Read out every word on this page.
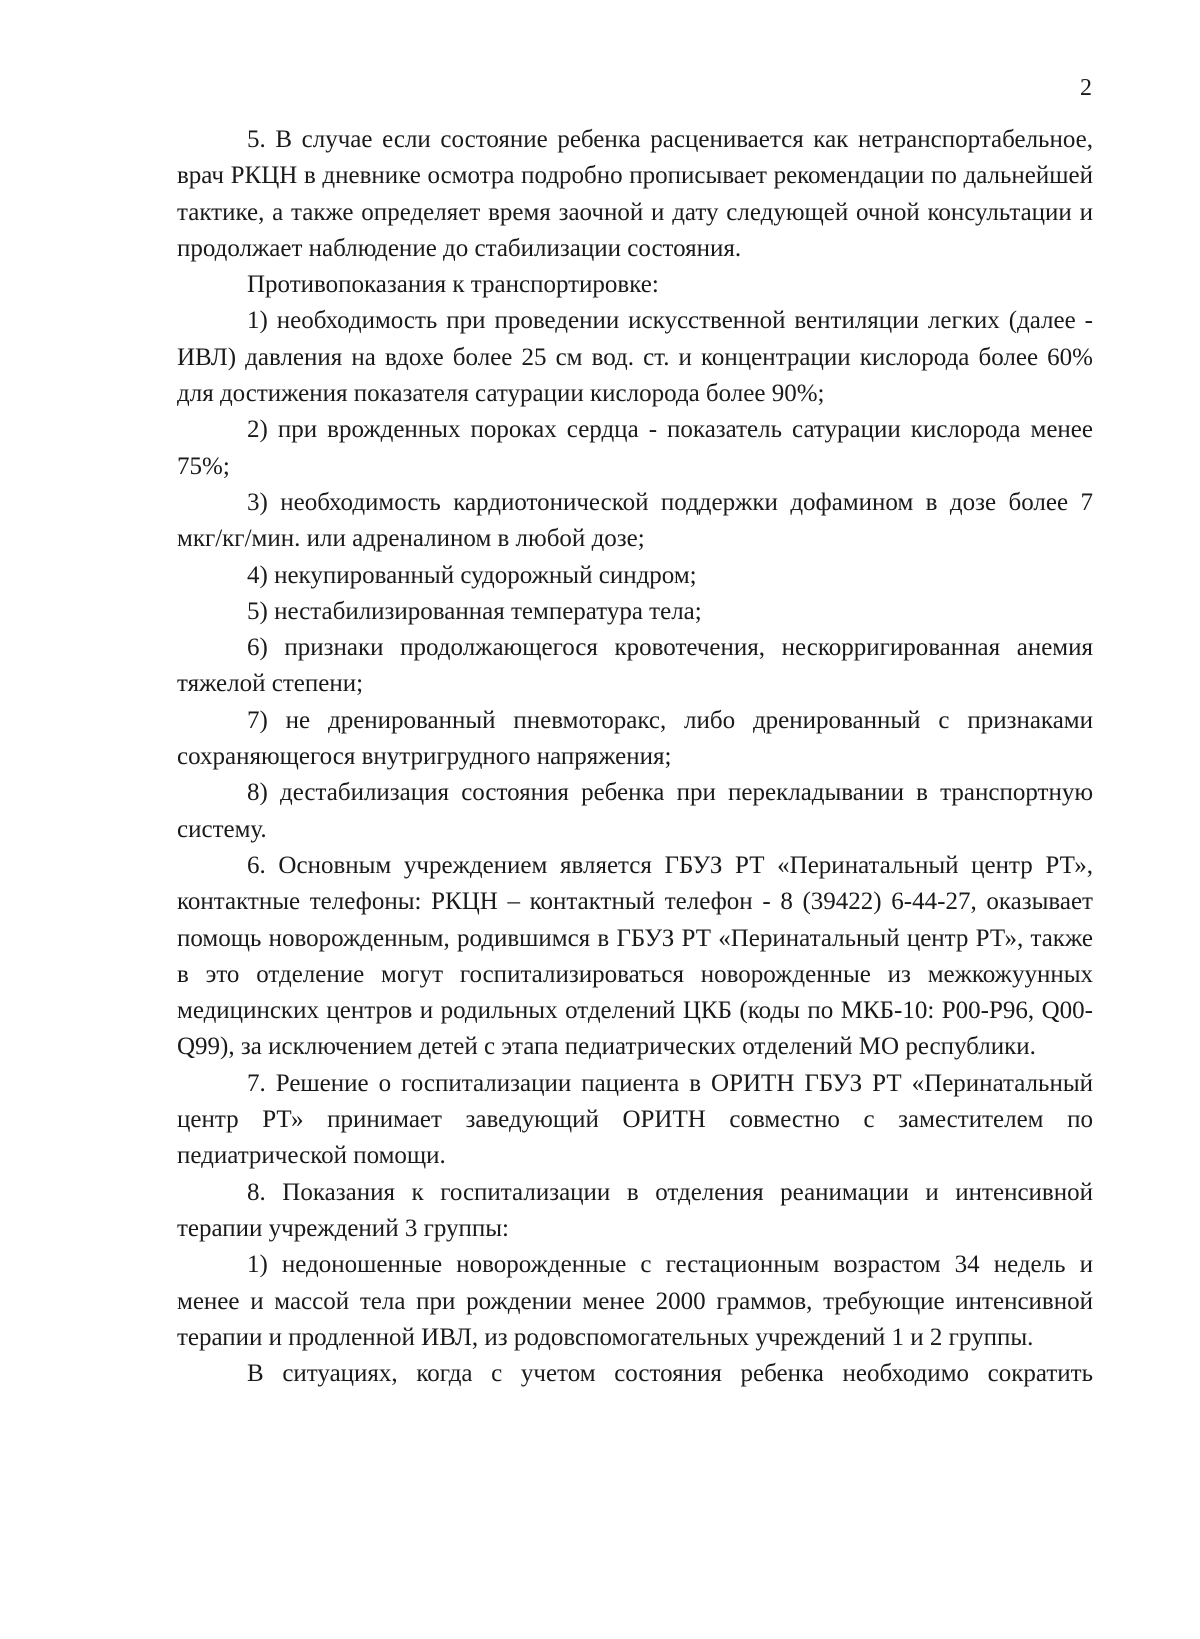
2

5. В случае если состояние ребенка расценивается как нетранспортабельное, врач РКЦН в дневнике осмотра подробно прописывает рекомендации по дальнейшей тактике, а также определяет время заочной и дату следующей очной консультации и продолжает наблюдение до стабилизации состояния.

Противопоказания к транспортировке:

1) необходимость при проведении искусственной вентиляции легких (далее - ИВЛ) давления на вдохе более 25 см вод. ст. и концентрации кислорода более 60% для достижения показателя сатурации кислорода более 90%;

2) при врожденных пороках сердца - показатель сатурации кислорода менее 75%;

3) необходимость кардиотонической поддержки дофамином в дозе более 7 мкг/кг/мин. или адреналином в любой дозе;

4) некупированный судорожный синдром;

5) нестабилизированная температура тела;

6) признаки продолжающегося кровотечения, нескорригированная анемия тяжелой степени;

7) не дренированный пневмоторакс, либо дренированный с признаками сохраняющегося внутригрудного напряжения;

8) дестабилизация состояния ребенка при перекладывании в транспортную систему.

6. Основным учреждением является ГБУЗ РТ «Перинатальный центр РТ», контактные телефоны: РКЦН – контактный телефон - 8 (39422) 6-44-27, оказывает помощь новорожденным, родившимся в ГБУЗ РТ «Перинатальный центр РТ», также в это отделение могут госпитализироваться новорожденные из межкожуунных медицинских центров и родильных отделений ЦКБ (коды по МКБ-10: Р00-Р96, Q00-Q99), за исключением детей с этапа педиатрических отделений МО республики.

7. Решение о госпитализации пациента в ОРИТН ГБУЗ РТ «Перинатальный центр РТ» принимает заведующий ОРИТН совместно с заместителем по педиатрической помощи.

8. Показания к госпитализации в отделения реанимации и интенсивной терапии учреждений 3 группы:

1) недоношенные новорожденные с гестационным возрастом 34 недель и менее и массой тела при рождении менее 2000 граммов, требующие интенсивной терапии и продленной ИВЛ, из родовспомогательных учреждений 1 и 2 группы.

В ситуациях, когда с учетом состояния ребенка необходимо сократить
